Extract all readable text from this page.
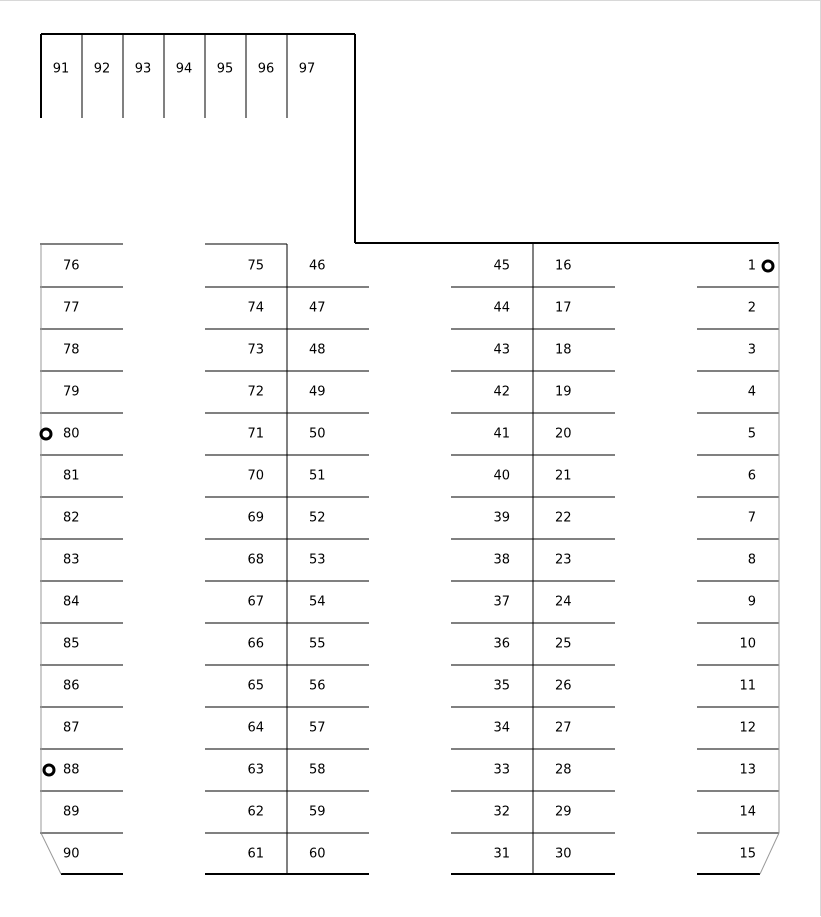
91 92 93 94 95 96 97
76
77
78
79
80
81
82
83
84
85
86
87
88
89
90
75
74
73
72
71
70
69
68
67
66
65
64
63
62
61
46
47
48
49
50
51
52
53
54
55
56
57
58
59
60
45
44
43
42
41
40
39
38
37
36
35
34
33
32
31
16
17
18
19
20
21
22
23
24
25
26
27
28
29
30
1
2
3
4
5
6
7
8
9
10
11
12
13
14
15
